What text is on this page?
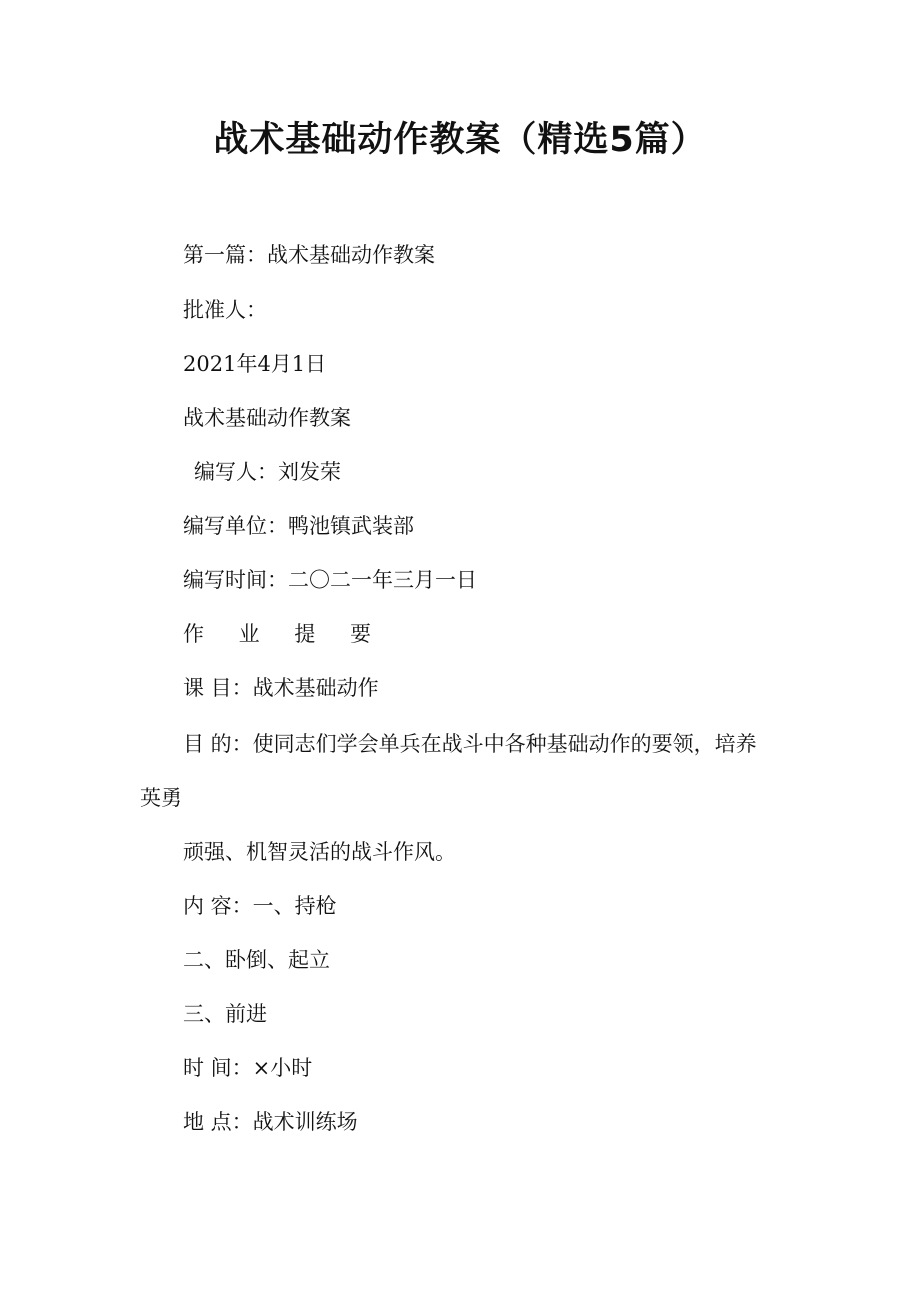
战术基础动作教案（精选5篇）

第一篇：战术基础动作教案

批准人：

2021年4月1日

战术基础动作教案

编写人：刘发荣

编写单位：鸭池镇武装部

编写时间：二〇二一年三月一日

作 业 提 要

课 目：战术基础动作

目 的：使同志们学会单兵在战斗中各种基础动作的要领，培养

英勇

顽强、机智灵活的战斗作风。

内 容：一、持枪

二、卧倒、起立

三、前进

时 间：×小时

地 点：战术训练场
